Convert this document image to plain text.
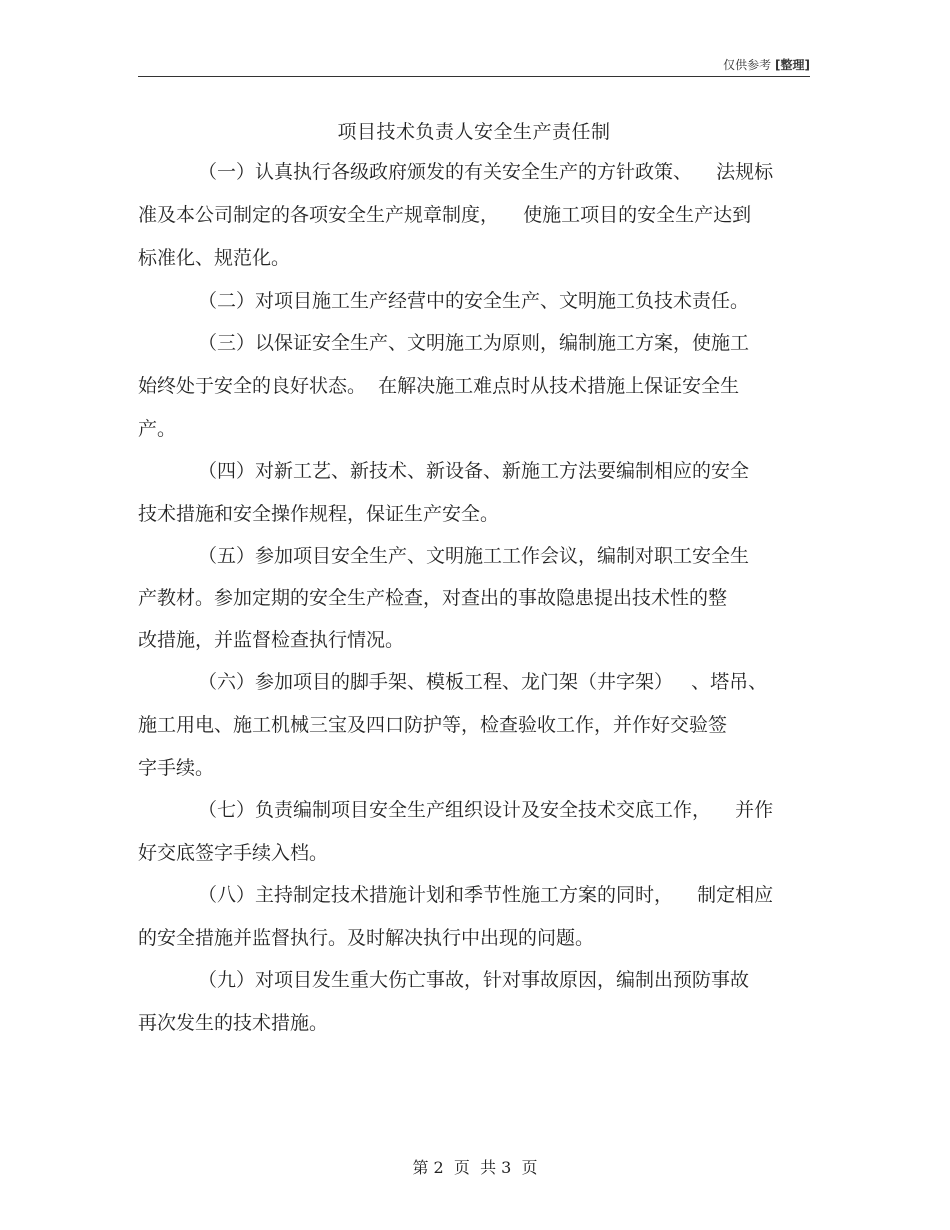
仅供参考 [整理]
项目技术负责人安全生产责任制
（一）认真执行各级政府颁发的有关安全生产的方针政策、    法规标
准及本公司制定的各项安全生产规章制度，    使施工项目的安全生产达到
标准化、规范化。
（二）对项目施工生产经营中的安全生产、文明施工负技术责任。
（三）以保证安全生产、文明施工为原则，编制施工方案，使施工
始终处于安全的良好状态。  在解决施工难点时从技术措施上保证安全生
产。
（四）对新工艺、新技术、新设备、新施工方法要编制相应的安全
技术措施和安全操作规程，保证生产安全。
（五）参加项目安全生产、文明施工工作会议，编制对职工安全生
产教材。参加定期的安全生产检查，对查出的事故隐患提出技术性的整
改措施，并监督检查执行情况。
（六）参加项目的脚手架、模板工程、龙门架（井字架）   、塔吊、
施工用电、施工机械三宝及四口防护等，检查验收工作，并作好交验签
字手续。
（七）负责编制项目安全生产组织设计及安全技术交底工作，    并作
好交底签字手续入档。
（八）主持制定技术措施计划和季节性施工方案的同时，    制定相应
的安全措施并监督执行。及时解决执行中出现的问题。
（九）对项目发生重大伤亡事故，针对事故原因，编制出预防事故
再次发生的技术措施。
第 2  页  共 3  页
